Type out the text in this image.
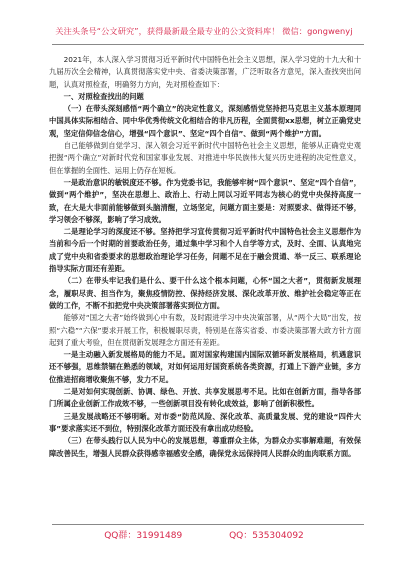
关注头条号“公文研究”，获得最新最全最专业的公文资料库！ 微信：gongwenyj

2021年，本人深入学习贯彻习近平新时代中国特色社会主义思想，深入学习党的十九大和十九届历次全会精神，认真贯彻落实党中央、省委决策部署，广泛听取各方意见，深入查找突出问题，认真对照检查，明确努力方向，先对照检查如下：

一、对照检查找出的问题

（一）在带头深刻感悟“两个确立”的决定性意义，深刻感悟党坚持把马克思主义基本原理同中国具体实际相结合、同中华优秀传统文化相结合的非凡历程，全面贯彻xx思想，树立正确党史观，坚定信仰信念信心，增强“四个意识”、坚定“四个自信”、做到“两个维护”方面。

自己能够做到自觉学习、深入领会习近平新时代中国特色社会主义思想，能够从正确党史观把握“两个确立”对新时代党和国家事业发展、对推进中华民族伟大复兴历史进程的决定性意义，但在掌握的全面性、运用上仍存在短板。

一是政治意识的敏锐度还不够。作为党委书记，我能够牢树“四个意识”、坚定“四个自信”，做到“两个维护”，坚决在思想上、政治上、行动上同以习近平同志为核心的党中央保持高度一致，在大是大非面前能够做到头脑清醒，立场坚定，问题方面主要是：对照要求、做得还不够，学习领会不够深，影响了学习成效。

二是理论学习的深度还不够。坚持把学习宣传贯彻习近平新时代中国特色社会主义思想作为当前和今后一个时期的首要政治任务，通过集中学习和个人自学等方式，及时、全面、认真地完成了党中央和省委要求的思想政治理论学习任务，问题不足在于融会贯通、举一反三、联系理论指导实际方面还有差距。

（二）在带头牢记我们是什么、要干什么这个根本问题，心怀“国之大者”，贯彻新发展理念，履职尽责、担当作为，聚焦疫情防控、保持经济发展、深化改革开放、维护社会稳定等正在做的工作，不断不扣把党中央决策部署落实到位方面。

能够对“国之大者”始终做到心中有数，及时跟进学习中央决策部署，从“两个大局”出发，按照“六稳”“六保”要求开展工作，积极履职尽责，特别是在落实省委、市委决策部署大政方针方面起到了重大考验，但在贯彻新发展理念方面还有差距。

一是主动融入新发展格局的能力不足。面对国家构建国内国际双循环新发展格局，机遇意识还不够强，思维禁锢在熟悉的领域，对如何运用好国资系统各类资源，打通上下游产业链，多方位推进招商增收聚焦不够，发力不足。

二是对如何实现创新、协调、绿色、开放、共享发展思考不足。比如在创新方面，指导各部门所属企业创新工作成效不够，一些创新项目没有转化成效益，影响了创新积极性。

三是发展战略还不够明晰。对市委“防范风险、深化改革、高质量发展、党的建设“四件大事”要求落实还不到位，特别深化改革方面还没有拿出成功经验。

（三）在带头践行以人民为中心的发展思想，尊重群众主体，为群众办实事解难题，有效保障改善民生，增强人民群众获得感幸福感安全感，确保党永远保持同人民群众的血肉联系方面。

QQ群：31991489	QQ：535304092
